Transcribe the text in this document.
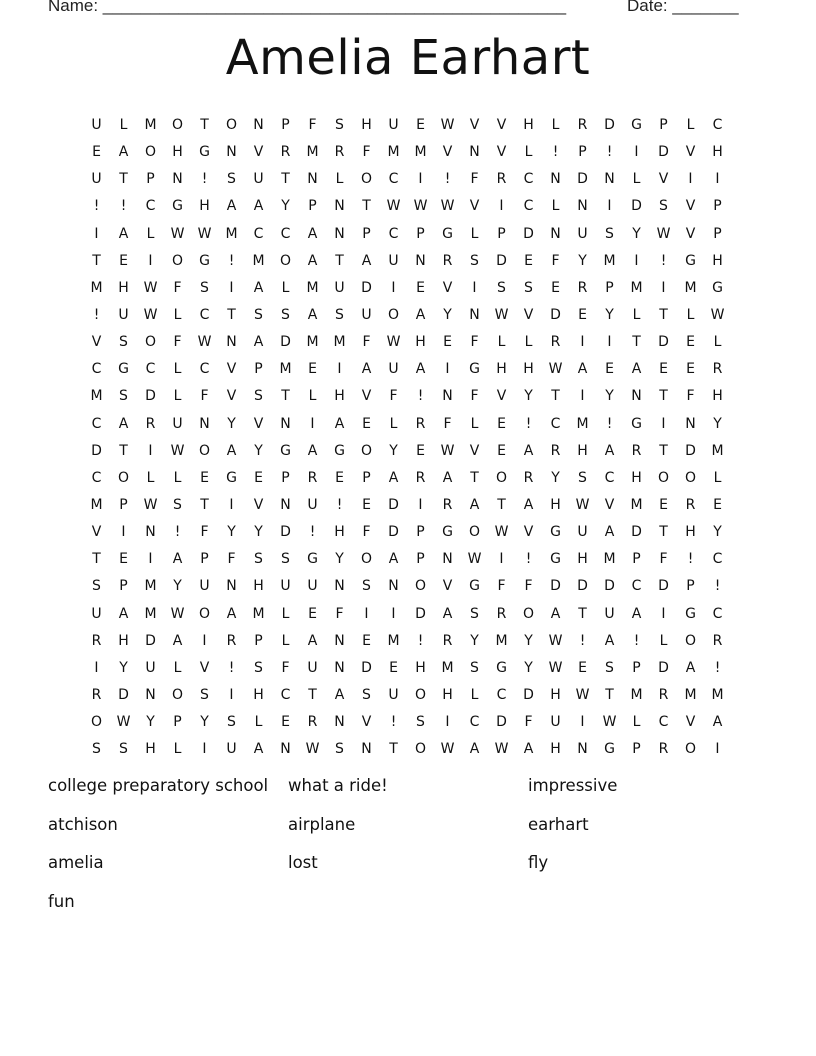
Name: _________________________________________________	Date: _______
Amelia Earhart
U	L	M	O	T	O	N	P	F	S	H	U	E	W	V	V	H	L	R	D	G	P	L	C
E	A	O	H	G	N	V	R	M	R	F	M	M	V	N	V	L	!	P	!	I	D	V	H
U	T	P	N	!	S	U	T	N	L	O	C	I	!	F	R	C	N	D	N	L	V	I	I
!	!	C	G	H	A	A	Y	P	N	T	W W W	V	I	C	L	N	I	D	S	V	P
I	A	L	W W	M	C	C	A	N	P	C	P	G	L	P	D	N	U	S	Y	W	V	P
T	E	I	O	G	!	M	O	A	T	A	U	N	R	S	D	E	F	Y	M	I	!	G	H
M	H	W	F	S	I	A	L	M	U	D	I	E	V	I	S	S	E	R	P	M	I	M	G
!	U	W	L	C	T	S	S	A	S	U	O	A	Y	N	W	V	D	E	Y	L	T	L	W
V	S	O	F	W	N	A	D	M	M	F	W	H	E	F	L	L	R	I	I	T	D	E	L
C	G	C	L	C	V	P	M	E	I	A	U	A	I	G	H	H	W	A	E	A	E	E	R
M	S	D	L	F	V	S	T	L	H	V	F	!	N	F	V	Y	T	I	Y	N	T	F	H
C	A	R	U	N	Y	V	N	I	A	E	L	R	F	L	E	!	C	M	!	G	I	N	Y
D	T	I	W	O	A	Y	G	A	G	O	Y	E	W	V	E	A	R	H	A	R	T	D	M
C	O	L	L	E	G	E	P	R	E	P	A	R	A	T	O	R	Y	S	C	H	O	O	L
M	P	W	S	T	I	V	N	U	!	E	D	I	R	A	T	A	H	W	V	M	E	R	E
V	I	N	!	F	Y	Y	D	!	H	F	D	P	G	O	W	V	G	U	A	D	T	H	Y
T	E	I	A	P	F	S	S	G	Y	O	A	P	N	W	I	!	G	H	M	P	F	!	C
S	P	M	Y	U	N	H	U	U	N	S	N	O	V	G	F	F	D	D	D	C	D	P	!
U	A	M	W	O	A	M	L	E	F	I	I	D	A	S	R	O	A	T	U	A	I	G	C
R	H	D	A	I	R	P	L	A	N	E	M	!	R	Y	M	Y	W	!	A	!	L	O	R
I	Y	U	L	V	!	S	F	U	N	D	E	H	M	S	G	Y	W	E	S	P	D	A	!
R	D	N	O	S	I	H	C	T	A	S	U	O	H	L	C	D	H	W	T	M	R	M	M
O	W	Y	P	Y	S	L	E	R	N	V	!	S	I	C	D	F	U	I	W	L	C	V	A
S	S	H	L	I	U	A	N	W	S	N	T	O	W	A	W	A	H	N	G	P	R	O	I
college preparatory school	what a ride!	impressive
atchison	airplane	earhart
amelia	lost	fly
fun
